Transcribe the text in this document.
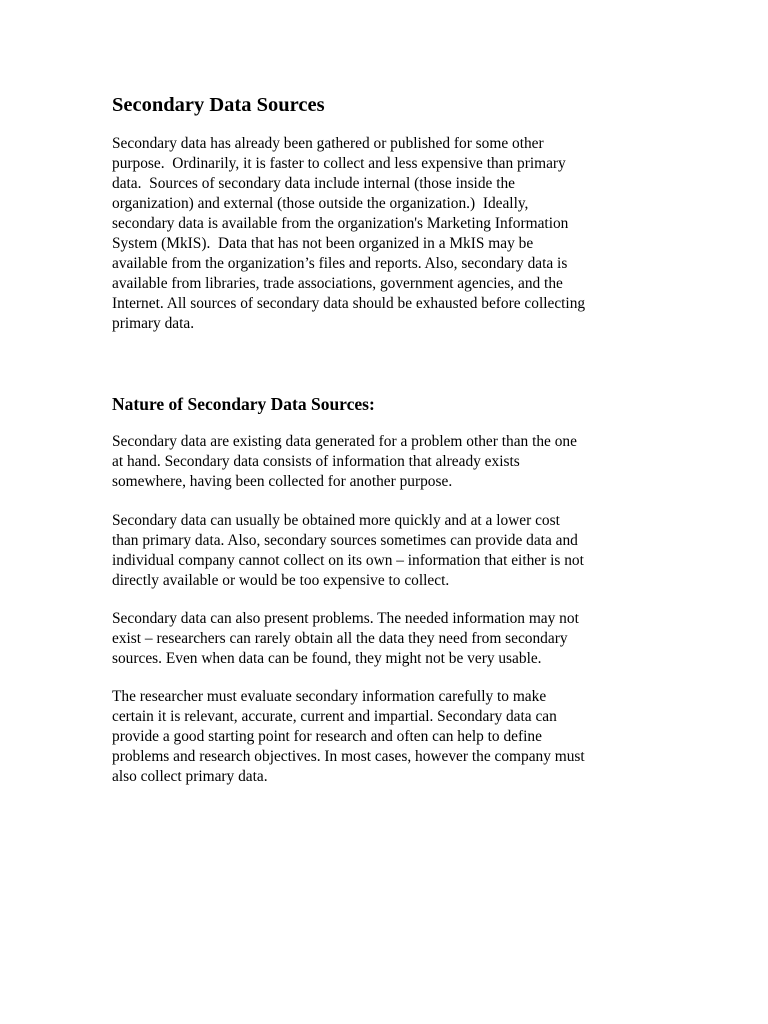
Secondary Data Sources

Secondary data has already been gathered or published for some other
purpose.  Ordinarily, it is faster to collect and less expensive than primary
data.  Sources of secondary data include internal (those inside the
organization) and external (those outside the organization.)  Ideally,
secondary data is available from the organization's Marketing Information
System (MkIS).  Data that has not been organized in a MkIS may be
available from the organization’s files and reports. Also, secondary data is
available from libraries, trade associations, government agencies, and the
Internet. All sources of secondary data should be exhausted before collecting
primary data.

Nature of Secondary Data Sources:

Secondary data are existing data generated for a problem other than the one
at hand. Secondary data consists of information that already exists
somewhere, having been collected for another purpose.

Secondary data can usually be obtained more quickly and at a lower cost
than primary data. Also, secondary sources sometimes can provide data and
individual company cannot collect on its own – information that either is not
directly available or would be too expensive to collect.

Secondary data can also present problems. The needed information may not
exist – researchers can rarely obtain all the data they need from secondary
sources. Even when data can be found, they might not be very usable.

The researcher must evaluate secondary information carefully to make
certain it is relevant, accurate, current and impartial. Secondary data can
provide a good starting point for research and often can help to define
problems and research objectives. In most cases, however the company must
also collect primary data.
